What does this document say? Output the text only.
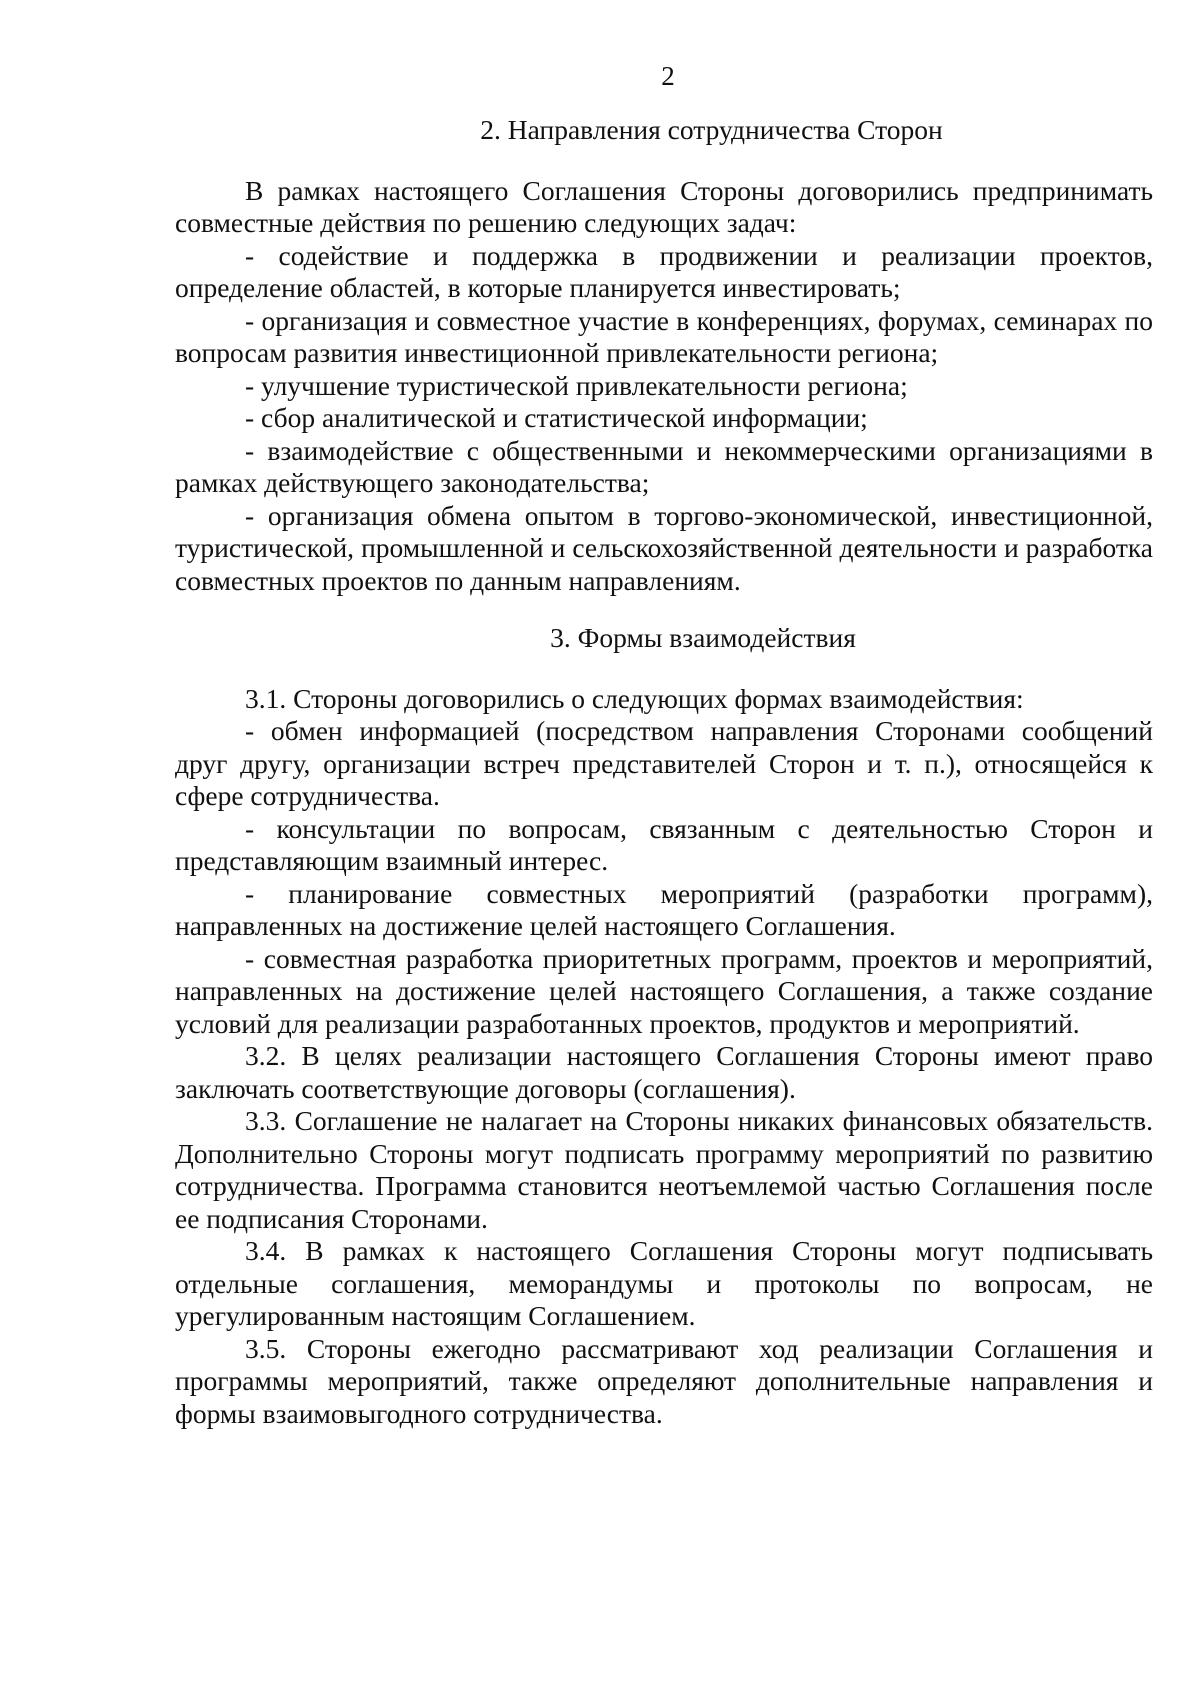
2
2. Направления сотрудничества Сторон

В рамках настоящего Соглашения Стороны договорились предпринимать совместные действия по решению следующих задач:

- содействие и поддержка в продвижении и реализации проектов, определение областей, в которые планируется инвестировать;

- организация и совместное участие в конференциях, форумах, семинарах по вопросам развития инвестиционной привлекательности региона;

- улучшение туристической привлекательности региона;

- сбор аналитической и статистической информации;

- взаимодействие с общественными и некоммерческими организациями в рамках действующего законодательства;

- организация обмена опытом в торгово-экономической, инвестиционной, туристической, промышленной и сельскохозяйственной деятельности и разработка совместных проектов по данным направлениям.

3. Формы взаимодействия

3.1. Стороны договорились о следующих формах взаимодействия:

- обмен информацией (посредством направления Сторонами сообщений друг другу, организации встреч представителей Сторон и т. п.), относящейся к сфере сотрудничества.

- консультации по вопросам, связанным с деятельностью Сторон и представляющим взаимный интерес.

- планирование совместных мероприятий (разработки программ), направленных на достижение целей настоящего Соглашения.

- совместная разработка приоритетных программ, проектов и мероприятий, направленных на достижение целей настоящего Соглашения, а также создание условий для реализации разработанных проектов, продуктов и мероприятий.

3.2. В целях реализации настоящего Соглашения Стороны имеют право заключать соответствующие договоры (соглашения).

3.3. Соглашение не налагает на Стороны никаких финансовых обязательств. Дополнительно Стороны могут подписать программу мероприятий по развитию сотрудничества. Программа становится неотъемлемой частью Соглашения после ее подписания Сторонами.

3.4. В рамках к настоящего Соглашения Стороны могут подписывать отдельные соглашения, меморандумы и протоколы по вопросам, не урегулированным настоящим Соглашением.

3.5. Стороны ежегодно рассматривают ход реализации Соглашения и программы мероприятий, также определяют дополнительные направления и формы взаимовыгодного сотрудничества.
